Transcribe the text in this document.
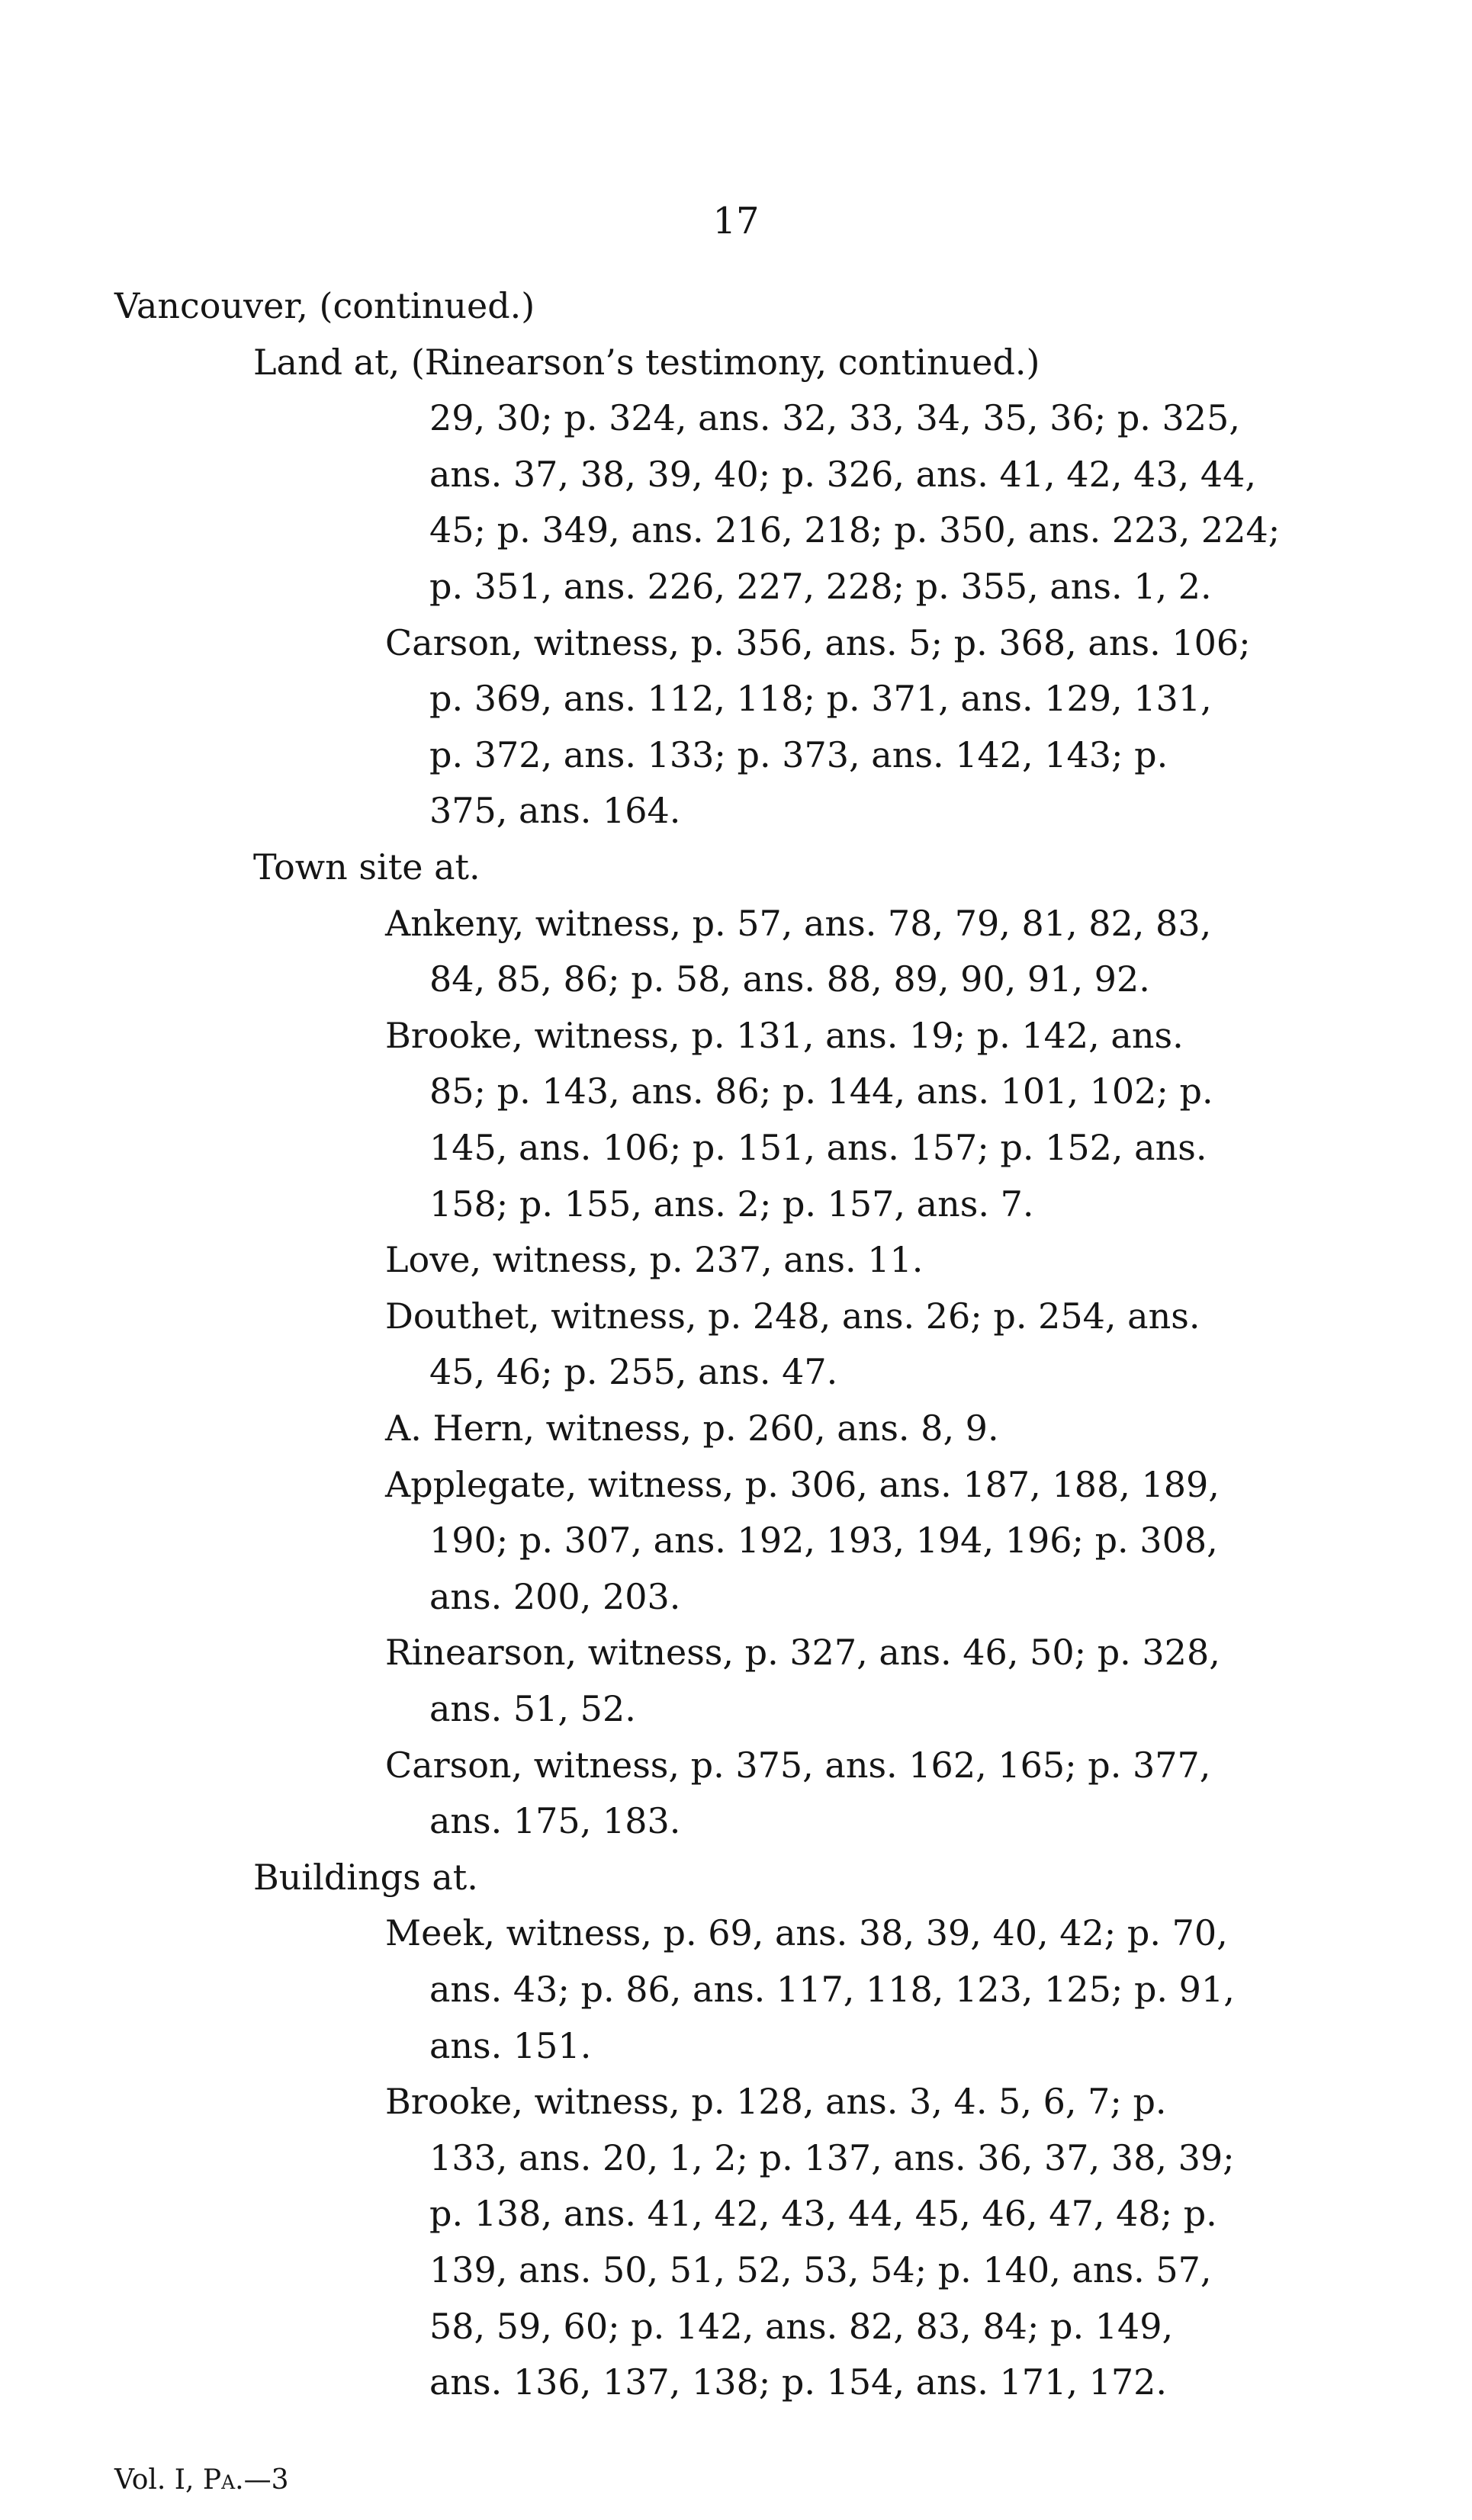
17
Vancouver, (continued.)
Land at, (Rinearson’s testimony, continued.)
29, 30; p. 324, ans. 32, 33, 34, 35, 36; p. 325,
ans. 37, 38, 39, 40; p. 326, ans. 41, 42, 43, 44,
45; p. 349, ans. 216, 218; p. 350, ans. 223, 224;
p. 351, ans. 226, 227, 228; p. 355, ans. 1, 2.
Carson, witness, p. 356, ans. 5; p. 368, ans. 106;
p. 369, ans. 112, 118; p. 371, ans. 129, 131,
p. 372, ans. 133; p. 373, ans. 142, 143; p.
375, ans. 164.
Town site at.
Ankeny, witness, p. 57, ans. 78, 79, 81, 82, 83,
84, 85, 86; p. 58, ans. 88, 89, 90, 91, 92.
Brooke, witness, p. 131, ans. 19; p. 142, ans.
85; p. 143, ans. 86; p. 144, ans. 101, 102; p.
145, ans. 106; p. 151, ans. 157; p. 152, ans.
158; p. 155, ans. 2; p. 157, ans. 7.
Love, witness, p. 237, ans. 11.
Douthet, witness, p. 248, ans. 26; p. 254, ans.
45, 46; p. 255, ans. 47.
A. Hern, witness, p. 260, ans. 8, 9.
Applegate, witness, p. 306, ans. 187, 188, 189,
190; p. 307, ans. 192, 193, 194, 196; p. 308,
ans. 200, 203.
Rinearson, witness, p. 327, ans. 46, 50; p. 328,
ans. 51, 52.
Carson, witness, p. 375, ans. 162, 165; p. 377,
ans. 175, 183.
Buildings at.
Meek, witness, p. 69, ans. 38, 39, 40, 42; p. 70,
ans. 43; p. 86, ans. 117, 118, 123, 125; p. 91,
ans. 151.
Brooke, witness, p. 128, ans. 3, 4. 5, 6, 7; p.
133, ans. 20, 1, 2; p. 137, ans. 36, 37, 38, 39;
p. 138, ans. 41, 42, 43, 44, 45, 46, 47, 48; p.
139, ans. 50, 51, 52, 53, 54; p. 140, ans. 57,
58, 59, 60; p. 142, ans. 82, 83, 84; p. 149,
ans. 136, 137, 138; p. 154, ans. 171, 172.
Vol. I, Pa.—3
